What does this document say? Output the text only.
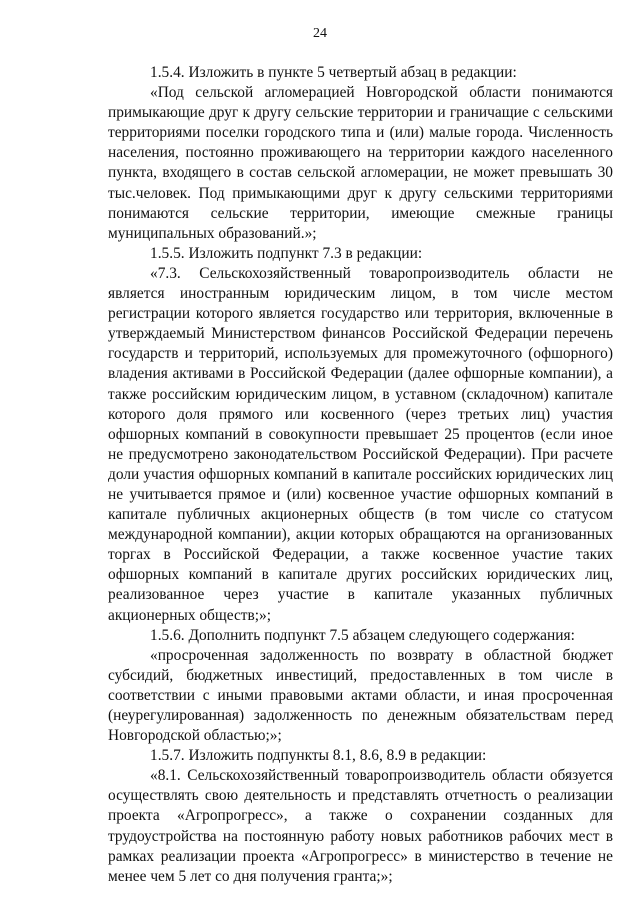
24

1.5.4. Изложить в пункте 5 четвертый абзац в редакции:

«Под сельской агломерацией Новгородской области понимаются примыкающие друг к другу сельские территории и граничащие с сельскими территориями поселки городского типа и (или) малые города. Численность населения, постоянно проживающего на территории каждого населенного пункта, входящего в состав сельской агломерации, не может превышать 30 тыс.человек. Под примыкающими друг к другу сельскими территориями понимаются сельские территории, имеющие смежные границы муниципальных образований.»;

1.5.5. Изложить подпункт 7.3 в редакции:

«7.3. Сельскохозяйственный товаропроизводитель области не является иностранным юридическим лицом, в том числе местом регистрации которого является государство или территория, включенные в утверждаемый Министерством финансов Российской Федерации перечень государств и территорий, используемых для промежуточного (офшорного) владения активами в Российской Федерации (далее офшорные компании), а также российским юридическим лицом, в уставном (складочном) капитале которого доля прямого или косвенного (через третьих лиц) участия офшорных компаний в совокупности превышает 25 процентов (если иное не предусмотрено законодательством Российской Федерации). При расчете доли участия офшорных компаний в капитале российских юридических лиц не учитывается прямое и (или) косвенное участие офшорных компаний в капитале публичных акционерных обществ (в том числе со статусом международной компании), акции которых обращаются на организованных торгах в Российской Федерации, а также косвенное участие таких офшорных компаний в капитале других российских юридических лиц, реализованное через участие в капитале указанных публичных акционерных обществ;»;

1.5.6. Дополнить подпункт 7.5 абзацем следующего содержания:

«просроченная задолженность по возврату в областной бюджет субсидий, бюджетных инвестиций, предоставленных в том числе в соответствии с иными правовыми актами области, и иная просроченная (неурегулированная) задолженность по денежным обязательствам перед Новгородской областью;»;

1.5.7. Изложить подпункты 8.1, 8.6, 8.9 в редакции:

«8.1. Сельскохозяйственный товаропроизводитель области обязуется осуществлять свою деятельность и представлять отчетность о реализации проекта «Агропрогресс», а также о сохранении созданных для трудоустройства на постоянную работу новых работников рабочих мест в рамках реализации проекта «Агропрогресс» в министерство в течение не менее чем 5 лет со дня получения гранта;»;
